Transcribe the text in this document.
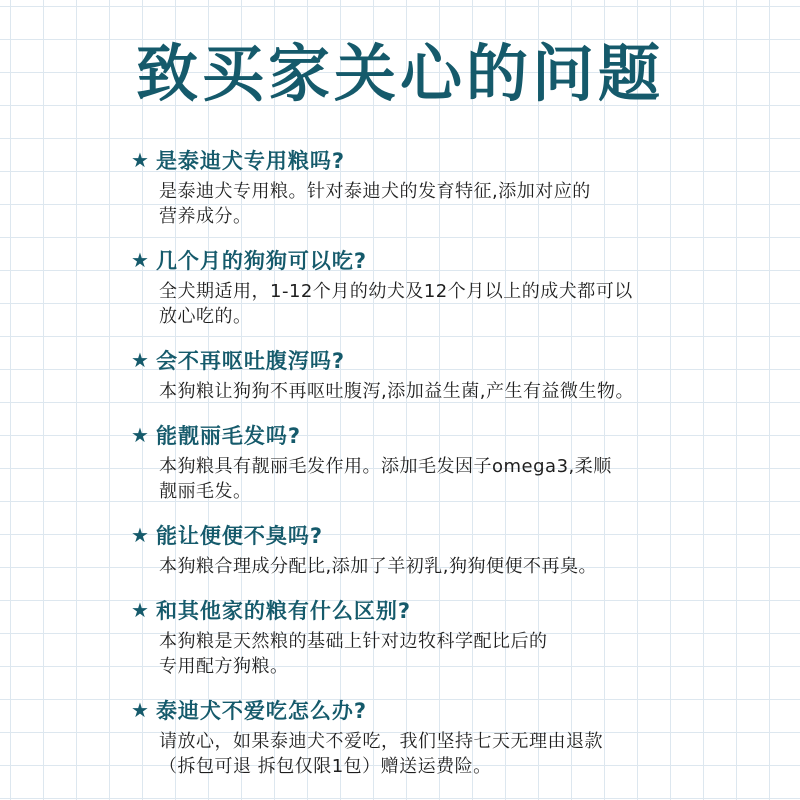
致买家关心的问题
★ 是泰迪犬专用粮吗?
是泰迪犬专用粮。针对泰迪犬的发育特征,添加对应的
营养成分。
★ 几个月的狗狗可以吃?
全犬期适用，1-12个月的幼犬及12个月以上的成犬都可以
放心吃的。
★ 会不再呕吐腹泻吗?
本狗粮让狗狗不再呕吐腹泻,添加益生菌,产生有益微生物。
★ 能靓丽毛发吗?
本狗粮具有靓丽毛发作用。添加毛发因子omega3,柔顺
靓丽毛发。
★ 能让便便不臭吗?
本狗粮合理成分配比,添加了羊初乳,狗狗便便不再臭。
★ 和其他家的粮有什么区别?
本狗粮是天然粮的基础上针对边牧科学配比后的
专用配方狗粮。
★ 泰迪犬不爱吃怎么办?
请放心，如果泰迪犬不爱吃，我们坚持七天无理由退款
（拆包可退 拆包仅限1包）赠送运费险。
